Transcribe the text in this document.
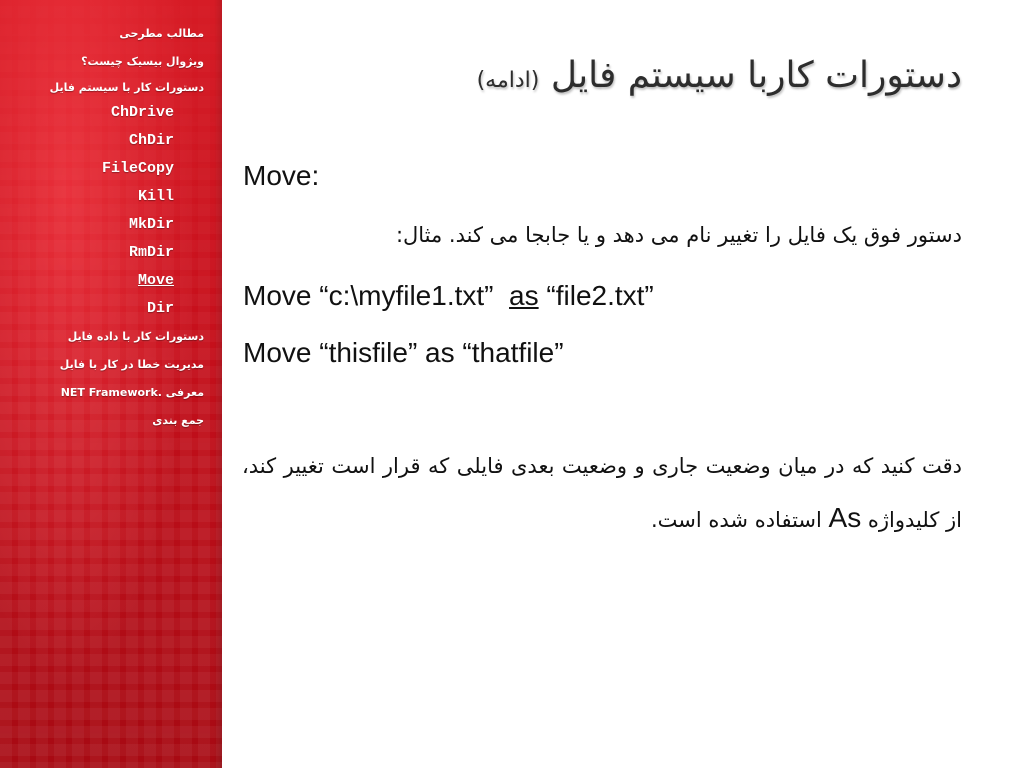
مطالب مطرحی
ویژوال بیسیک چیست؟
دستورات کار با سیستم فایل
ChDrive
ChDir
FileCopy
Kill
MkDir
RmDir
Move
Dir
دستورات کار با داده فایل
مدیریت خطا در کار با فایل
معرفی .NET Framework
جمع بندی
دستورات کاربا سیستم فایل (ادامه)
Move:
دستور فوق یک فایل را تغییر نام می دهد و یا جابجا می کند. مثال:
Move “c:\myfile1.txt” as “file2.txt”
Move “thisfile” as “thatfile”
دقت کنید که در میان وضعیت جاری و وضعیت بعدی فایلی که قرار است تغییر کند، از کلیدواژه As استفاده شده است.
